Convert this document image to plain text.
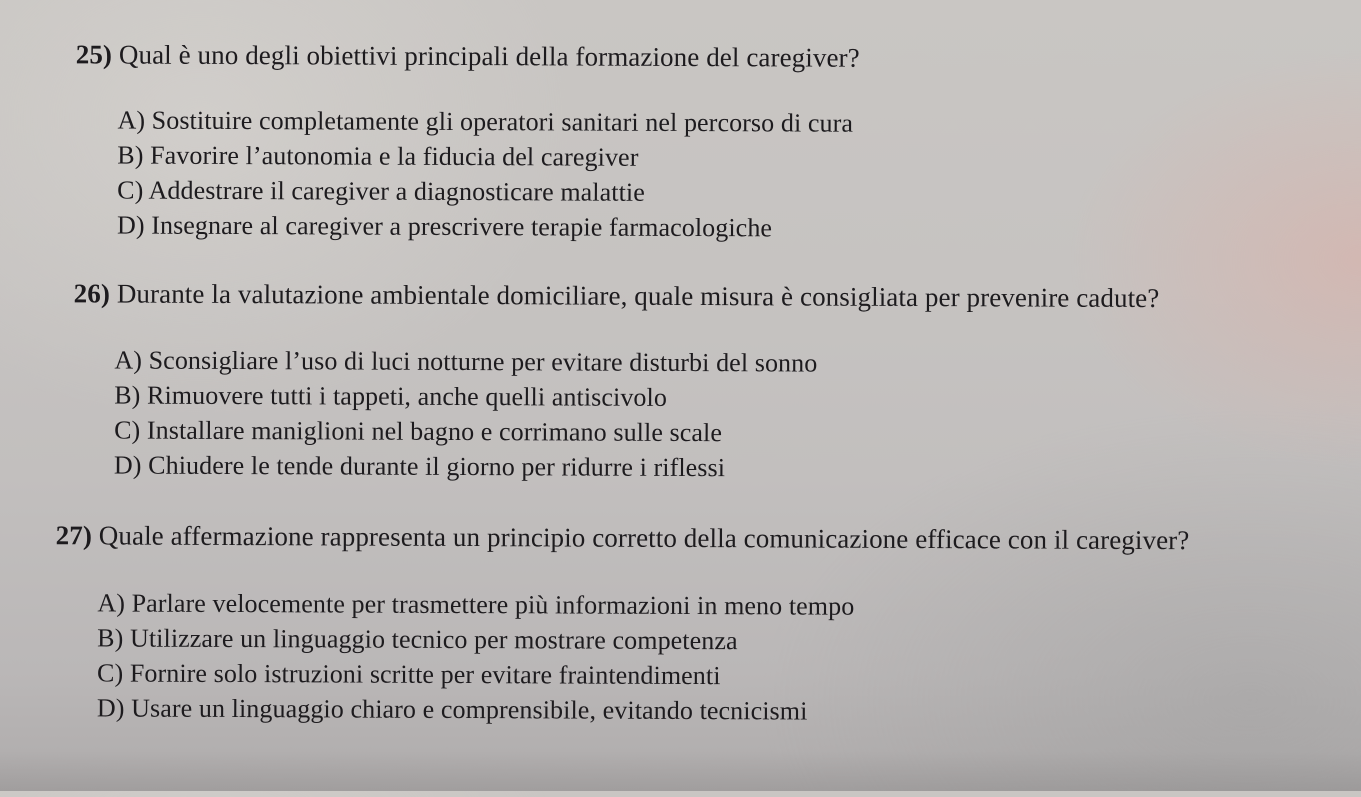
25) Qual è uno degli obiettivi principali della formazione del caregiver?
A) Sostituire completamente gli operatori sanitari nel percorso di cura
B) Favorire l’autonomia e la fiducia del caregiver
C) Addestrare il caregiver a diagnosticare malattie
D) Insegnare al caregiver a prescrivere terapie farmacologiche
26) Durante la valutazione ambientale domiciliare, quale misura è consigliata per prevenire cadute?
A) Sconsigliare l’uso di luci notturne per evitare disturbi del sonno
B) Rimuovere tutti i tappeti, anche quelli antiscivolo
C) Installare maniglioni nel bagno e corrimano sulle scale
D) Chiudere le tende durante il giorno per ridurre i riflessi
27) Quale affermazione rappresenta un principio corretto della comunicazione efficace con il caregiver?
A) Parlare velocemente per trasmettere più informazioni in meno tempo
B) Utilizzare un linguaggio tecnico per mostrare competenza
C) Fornire solo istruzioni scritte per evitare fraintendimenti
D) Usare un linguaggio chiaro e comprensibile, evitando tecnicismi
